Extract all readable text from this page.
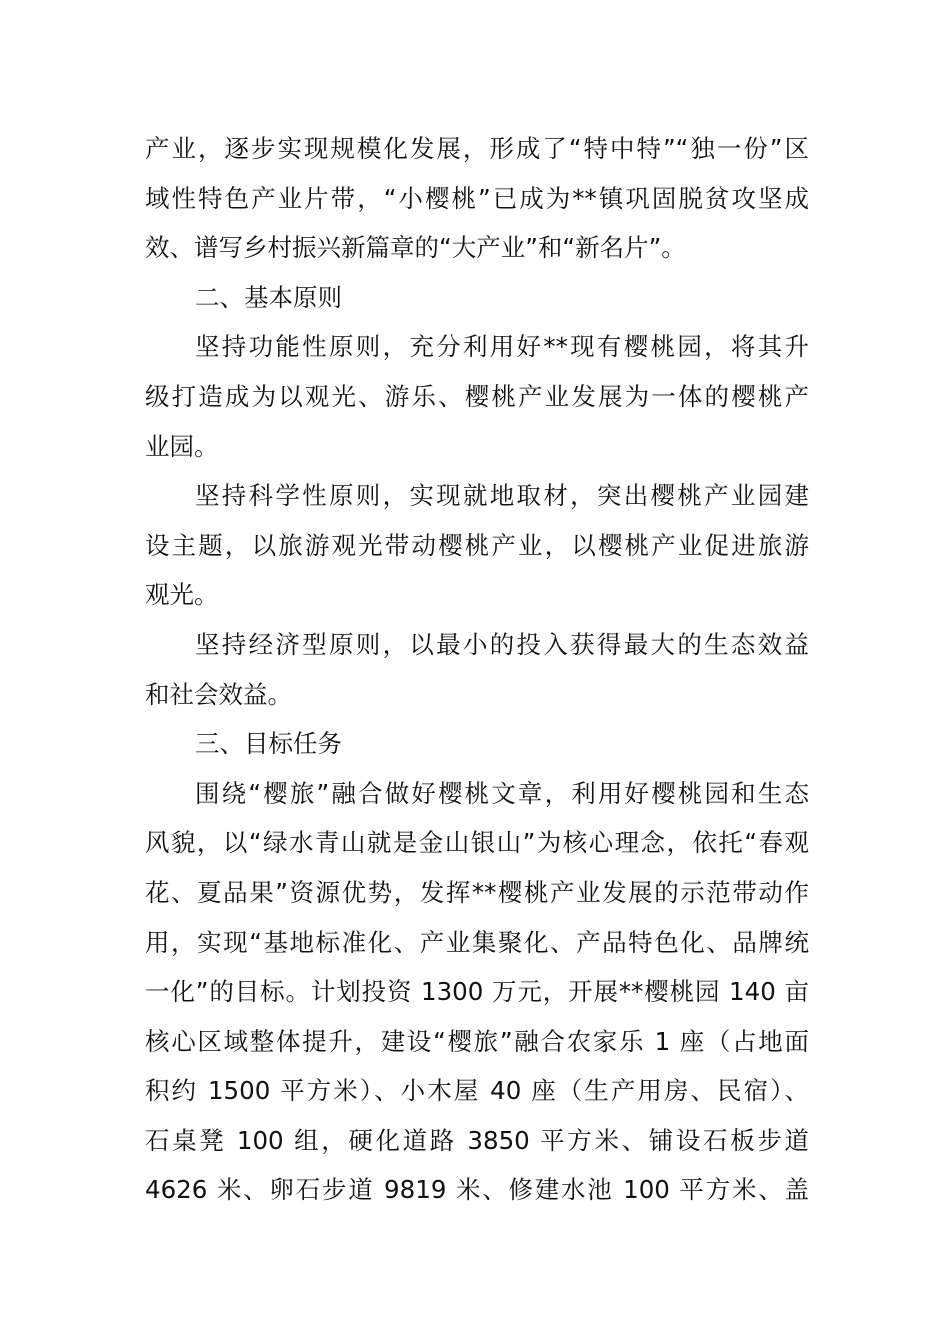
产业，逐步实现规模化发展，形成了“特中特”“独一份”区
域性特色产业片带，“小樱桃”已成为**镇巩固脱贫攻坚成
效、谱写乡村振兴新篇章的“大产业”和“新名片”。
二、基本原则
坚持功能性原则，充分利用好**现有樱桃园，将其升
级打造成为以观光、游乐、樱桃产业发展为一体的樱桃产
业园。
坚持科学性原则，实现就地取材，突出樱桃产业园建
设主题，以旅游观光带动樱桃产业，以樱桃产业促进旅游
观光。
坚持经济型原则，以最小的投入获得最大的生态效益
和社会效益。
三、目标任务
围绕“樱旅”融合做好樱桃文章，利用好樱桃园和生态
风貌，以“绿水青山就是金山银山”为核心理念，依托“春观
花、夏品果”资源优势，发挥**樱桃产业发展的示范带动作
用，实现“基地标准化、产业集聚化、产品特色化、品牌统
一化”的目标。计划投资 1300 万元，开展**樱桃园 140 亩
核心区域整体提升，建设“樱旅”融合农家乐 1 座（占地面
积约 1500 平方米）、小木屋 40 座（生产用房、民宿）、
石桌凳 100 组，硬化道路 3850 平方米、铺设石板步道
4626 米、卵石步道 9819 米、修建水池 100 平方米、盖
